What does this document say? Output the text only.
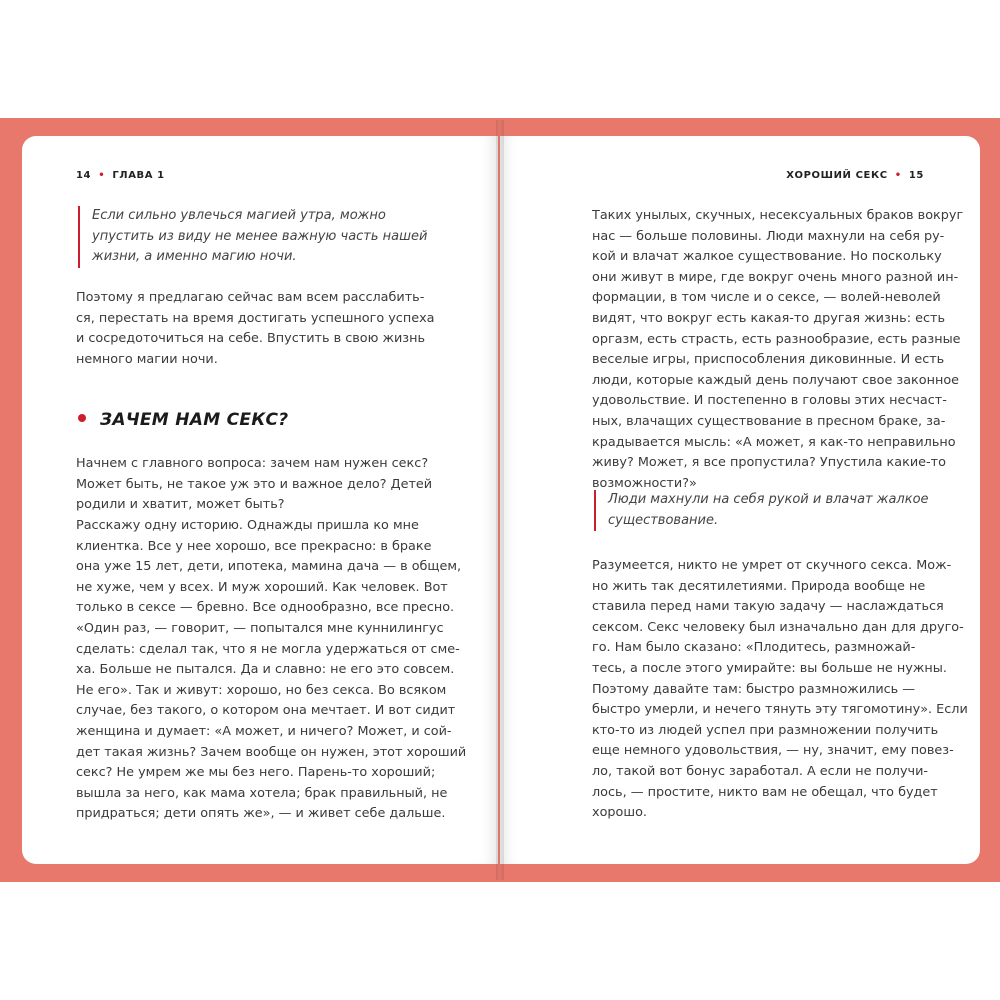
14 • ГЛАВА 1
Если сильно увлечься магией утра, можно
упустить из виду не менее важную часть нашей
жизни, а именно магию ночи.
Поэтому я предлагаю сейчас вам всем расслабить-
ся, перестать на время достигать успешного успеха
и сосредоточиться на себе. Впустить в свою жизнь
немного магии ночи.
ЗАЧЕМ НАМ СЕКС?
Начнем с главного вопроса: зачем нам нужен секс?
Может быть, не такое уж это и важное дело? Детей
родили и хватит, может быть?
Расскажу одну историю. Однажды пришла ко мне
клиентка. Все у нее хорошо, все прекрасно: в браке
она уже 15 лет, дети, ипотека, мамина дача — в общем,
не хуже, чем у всех. И муж хороший. Как человек. Вот
только в сексе — бревно. Все однообразно, все пресно.
«Один раз, — говорит, — попытался мне куннилингус
сделать: сделал так, что я не могла удержаться от сме-
ха. Больше не пытался. Да и славно: не его это совсем.
Не его». Так и живут: хорошо, но без секса. Во всяком
случае, без такого, о котором она мечтает. И вот сидит
женщина и думает: «А может, и ничего? Может, и сой-
дет такая жизнь? Зачем вообще он нужен, этот хороший
секс? Не умрем же мы без него. Парень-то хороший;
вышла за него, как мама хотела; брак правильный, не
придраться; дети опять же», — и живет себе дальше.
ХОРОШИЙ СЕКС • 15
Таких унылых, скучных, несексуальных браков вокруг
нас — больше половины. Люди махнули на себя ру-
кой и влачат жалкое существование. Но поскольку
они живут в мире, где вокруг очень много разной ин-
формации, в том числе и о сексе, — волей-неволей
видят, что вокруг есть какая-то другая жизнь: есть
оргазм, есть страсть, есть разнообразие, есть разные
веселые игры, приспособления диковинные. И есть
люди, которые каждый день получают свое законное
удовольствие. И постепенно в головы этих несчаст-
ных, влачащих существование в пресном браке, за-
крадывается мысль: «А может, я как-то неправильно
живу? Может, я все пропустила? Упустила какие-то
возможности?»
Люди махнули на себя рукой и влачат жалкое
существование.
Разумеется, никто не умрет от скучного секса. Мож-
но жить так десятилетиями. Природа вообще не
ставила перед нами такую задачу — наслаждаться
сексом. Секс человеку был изначально дан для друго-
го. Нам было сказано: «Плодитесь, размножай-
тесь, а после этого умирайте: вы больше не нужны.
Поэтому давайте там: быстро размножились —
быстро умерли, и нечего тянуть эту тягомотину». Если
кто-то из людей успел при размножении получить
еще немного удовольствия, — ну, значит, ему повез-
ло, такой вот бонус заработал. А если не получи-
лось, — простите, никто вам не обещал, что будет
хорошо.
